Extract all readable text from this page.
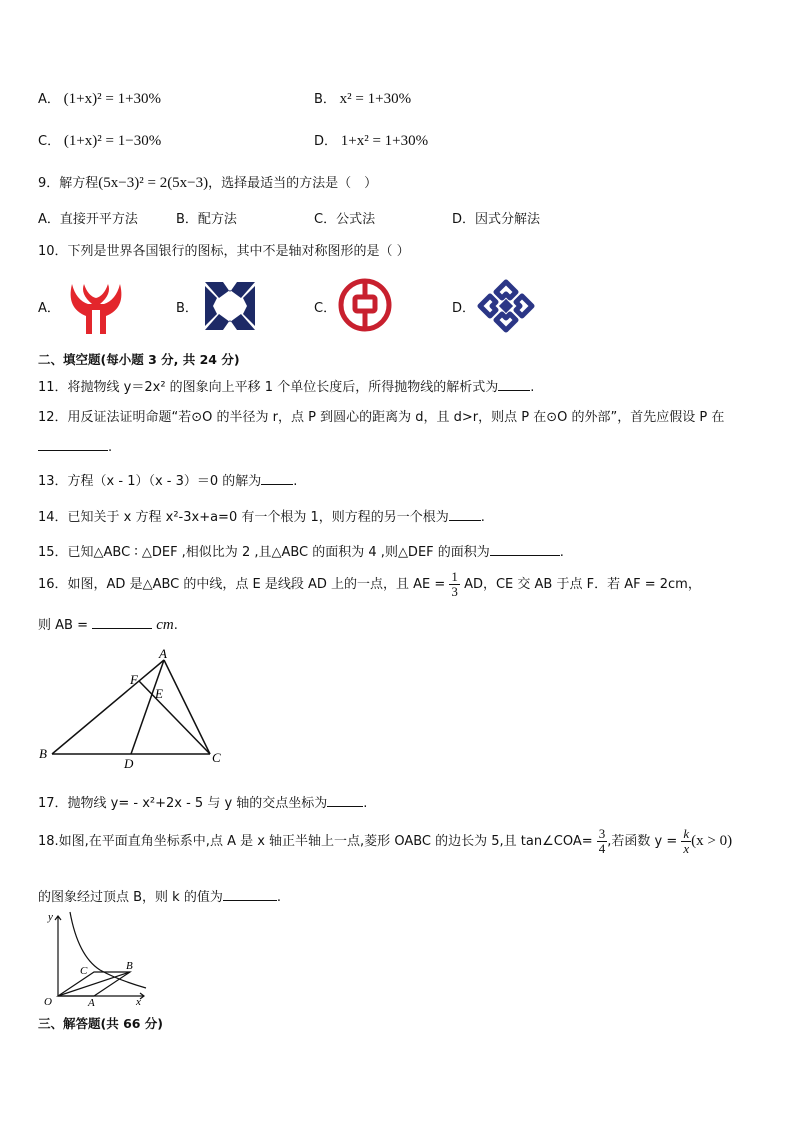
A． (1+x)² = 1+30%	B． x² = 1+30%
C． (1+x)² = 1−30%	D． 1+x² = 1+30%
9．解方程(5x−3)² = 2(5x−3)，选择最适当的方法是（　）
A．直接开平方法	B．配方法	C．公式法	D．因式分解法
10．下列是世界各国银行的图标，其中不是轴对称图形的是（ ）
A．	B．	C．	D．
二、填空题(每小题 3 分, 共 24 分)
11．将抛物线 y＝2x² 的图象向上平移 1 个单位长度后，所得抛物线的解析式为 .
12．用反证法证明命题“若⊙O 的半径为 r，点 P 到圆心的距离为 d，且 d>r，则点 P 在⊙O 的外部”，首先应假设 P 在
.
13．方程（x - 1）（x - 3）＝0 的解为 .
14．已知关于 x 方程 x²-3x+a=0 有一个根为 1，则方程的另一个根为 .
15．已知△ABC ∶ △DEF ,相似比为 2 ,且△ABC 的面积为 4 ,则△DEF 的面积为	.
16．如图，AD 是△ABC 的中线，点 E 是线段 AD 上的一点，且 AE = $\frac{1}{3}$ AD，CE 交 AB 于点 F．若 AF = 2cm，
则 AB =	cm.
A
B	C
D
E
F
17．抛物线 y= - x²+2x - 5 与 y 轴的交点坐标为	.
18.如图,在平面直角坐标系中,点 A 是 x 轴正半轴上一点,菱形 OABC 的边长为 5,且 tan∠COA= $\frac{3}{4}$ ,若函数 $y = \frac{k}{x} (x > 0)$
的图象经过顶点 B，则 k 的值为	.
y
x
O	A
B
C
三、解答题(共 66 分)
